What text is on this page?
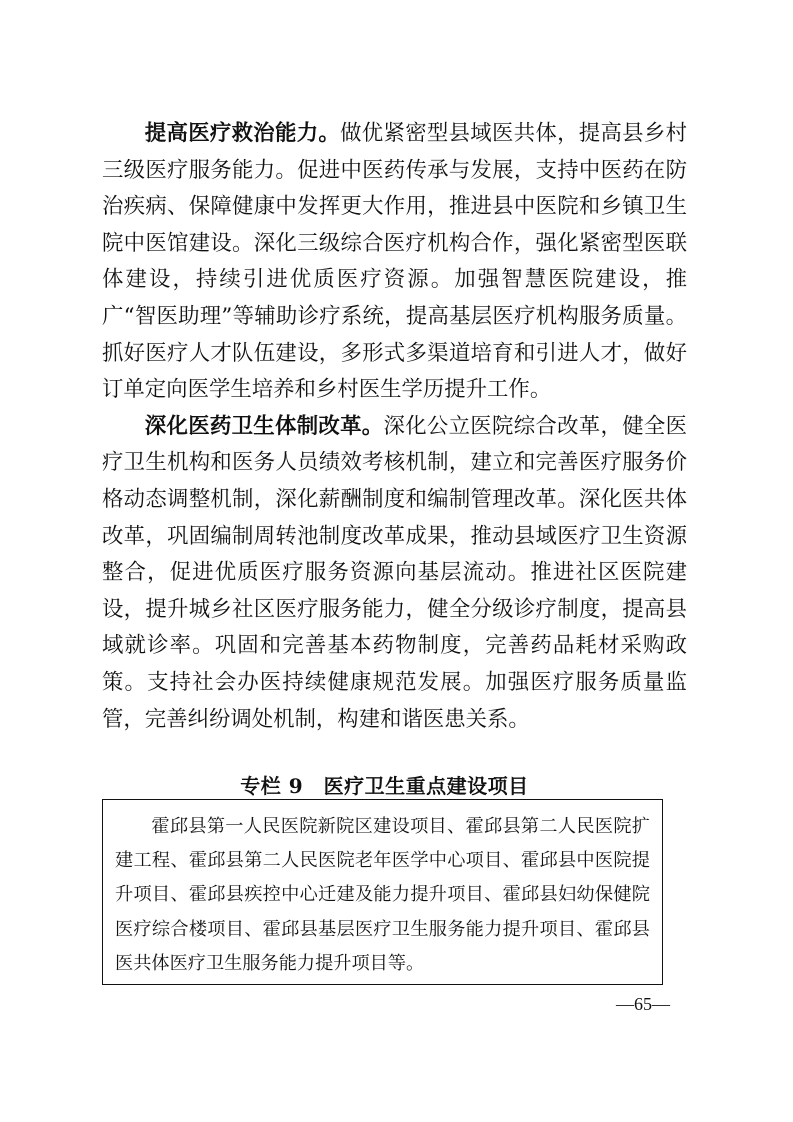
提高医疗救治能力。做优紧密型县域医共体，提高县乡村三级医疗服务能力。促进中医药传承与发展，支持中医药在防治疾病、保障健康中发挥更大作用，推进县中医院和乡镇卫生院中医馆建设。深化三级综合医疗机构合作，强化紧密型医联体建设，持续引进优质医疗资源。加强智慧医院建设，推广“智医助理”等辅助诊疗系统，提高基层医疗机构服务质量。抓好医疗人才队伍建设，多形式多渠道培育和引进人才，做好订单定向医学生培养和乡村医生学历提升工作。

深化医药卫生体制改革。深化公立医院综合改革，健全医疗卫生机构和医务人员绩效考核机制，建立和完善医疗服务价格动态调整机制，深化薪酬制度和编制管理改革。深化医共体改革，巩固编制周转池制度改革成果，推动县域医疗卫生资源整合，促进优质医疗服务资源向基层流动。推进社区医院建设，提升城乡社区医疗服务能力，健全分级诊疗制度，提高县域就诊率。巩固和完善基本药物制度，完善药品耗材采购政策。支持社会办医持续健康规范发展。加强医疗服务质量监管，完善纠纷调处机制，构建和谐医患关系。

专栏 9　医疗卫生重点建设项目

霍邱县第一人民医院新院区建设项目、霍邱县第二人民医院扩建工程、霍邱县第二人民医院老年医学中心项目、霍邱县中医院提升项目、霍邱县疾控中心迁建及能力提升项目、霍邱县妇幼保健院医疗综合楼项目、霍邱县基层医疗卫生服务能力提升项目、霍邱县医共体医疗卫生服务能力提升项目等。

—65—
